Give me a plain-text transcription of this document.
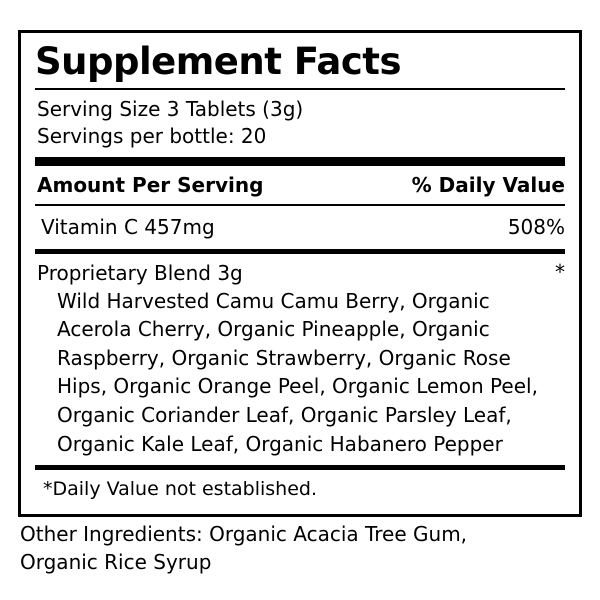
Supplement Facts
Serving Size 3 Tablets (3g)
Servings per bottle: 20
Amount Per Serving	% Daily Value
Vitamin C 457mg	508%
Proprietary Blend 3g	*
Wild Harvested Camu Camu Berry, Organic Acerola Cherry, Organic Pineapple, Organic Raspberry, Organic Strawberry, Organic Rose Hips, Organic Orange Peel, Organic Lemon Peel, Organic Coriander Leaf, Organic Parsley Leaf, Organic Kale Leaf, Organic Habanero Pepper
*Daily Value not established.
Other Ingredients: Organic Acacia Tree Gum, Organic Rice Syrup
